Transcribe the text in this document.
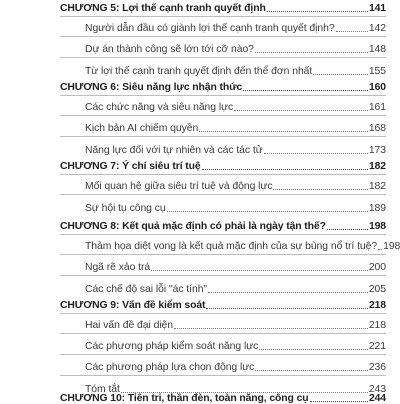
CHƯƠNG 5: Lợi thế cạnh tranh quyết định	141
Người dẫn đầu có giành lợi thế cạnh tranh quyết định?	142
Dự án thành công sẽ lớn tới cỡ nào?	148
Từ lợi thế cạnh tranh quyết định đến thể đơn nhất	155
CHƯƠNG 6: Siêu năng lực nhận thức	160
Các chức năng và siêu năng lực	161
Kịch bản AI chiếm quyền	168
Năng lực đối với tự nhiên và các tác tử	173
CHƯƠNG 7: Ý chí siêu trí tuệ	182
Mối quan hệ giữa siêu trí tuệ và động lực	182
Sự hội tụ công cụ	189
CHƯƠNG 8: Kết quả mặc định có phải là ngày tận thế?	198
Thảm họa diệt vong là kết quả mặc định của sự bùng nổ trí tuệ? 198
Ngã rẽ xảo trá	200
Các chế độ sai lỗi "ác tính"	205
CHƯƠNG 9: Vấn đề kiểm soát	218
Hai vấn đề đại diện	218
Các phương pháp kiểm soát năng lực	221
Các phương pháp lựa chọn động lực	236
Tóm tắt	243
CHƯƠNG 10: Tiên tri, thần đèn, toàn năng, công cụ	244
